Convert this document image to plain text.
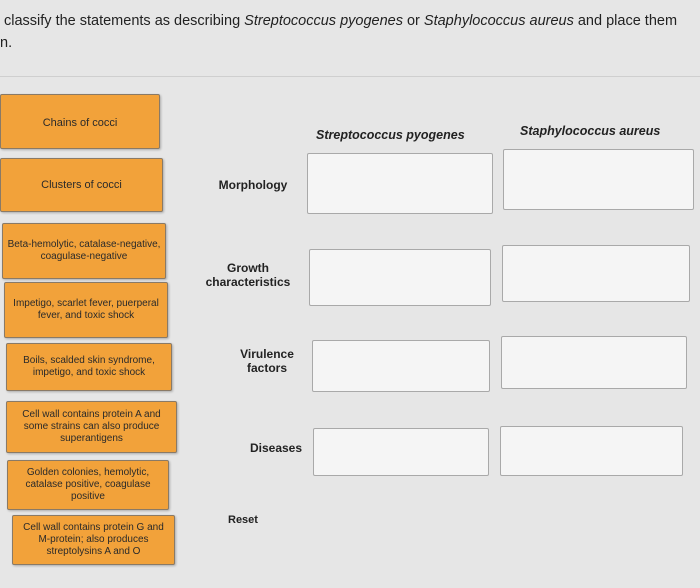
classify the statements as describing Streptococcus pyogenes or Staphylococcus aureus and place them
n.
Chains of cocci
Clusters of cocci
Beta-hemolytic, catalase-negative, coagulase-negative
Impetigo, scarlet fever, puerperal fever, and toxic shock
Boils, scalded skin syndrome, impetigo, and toxic shock
Cell wall contains protein A and some strains can also produce superantigens
Golden colonies, hemolytic, catalase positive, coagulase positive
Cell wall contains protein G and M-protein; also produces streptolysins A and O
Streptococcus pyogenes	Staphylococcus aureus
Morphology
Growth characteristics
Virulence factors
Diseases
Reset
